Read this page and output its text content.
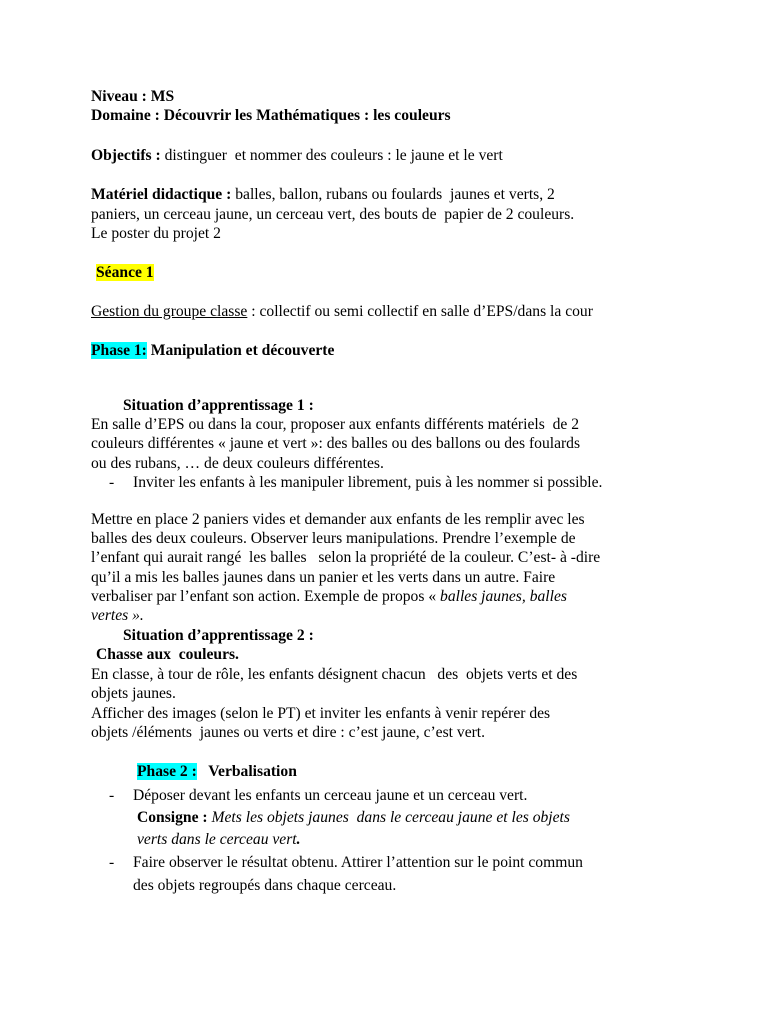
Niveau : MS
Domaine : Découvrir les Mathématiques : les couleurs
Objectifs : distinguer  et nommer des couleurs : le jaune et le vert
Matériel didactique : balles, ballon, rubans ou foulards  jaunes et verts, 2
paniers, un cerceau jaune, un cerceau vert, des bouts de  papier de 2 couleurs.
Le poster du projet 2
Séance 1
Gestion du groupe classe : collectif ou semi collectif en salle d’EPS/dans la cour
Phase 1: Manipulation et découverte
Situation d’apprentissage 1 :
En salle d’EPS ou dans la cour, proposer aux enfants différents matériels  de 2
couleurs différentes « jaune et vert »: des balles ou des ballons ou des foulards
ou des rubans, … de deux couleurs différentes.
- Inviter les enfants à les manipuler librement, puis à les nommer si possible.
Mettre en place 2 paniers vides et demander aux enfants de les remplir avec les
balles des deux couleurs. Observer leurs manipulations. Prendre l’exemple de
l’enfant qui aurait rangé  les balles   selon la propriété de la couleur. C’est- à -dire
qu’il a mis les balles jaunes dans un panier et les verts dans un autre. Faire
verbaliser par l’enfant son action. Exemple de propos « balles jaunes, balles
vertes ».
Situation d’apprentissage 2 :
Chasse aux  couleurs.
En classe, à tour de rôle, les enfants désignent chacun   des  objets verts et des
objets jaunes.
Afficher des images (selon le PT) et inviter les enfants à venir repérer des
objets /éléments  jaunes ou verts et dire : c’est jaune, c’est vert.
Phase 2 :   Verbalisation
- Déposer devant les enfants un cerceau jaune et un cerceau vert.
Consigne : Mets les objets jaunes  dans le cerceau jaune et les objets
verts dans le cerceau vert.
- Faire observer le résultat obtenu. Attirer l’attention sur le point commun
des objets regroupés dans chaque cerceau.
